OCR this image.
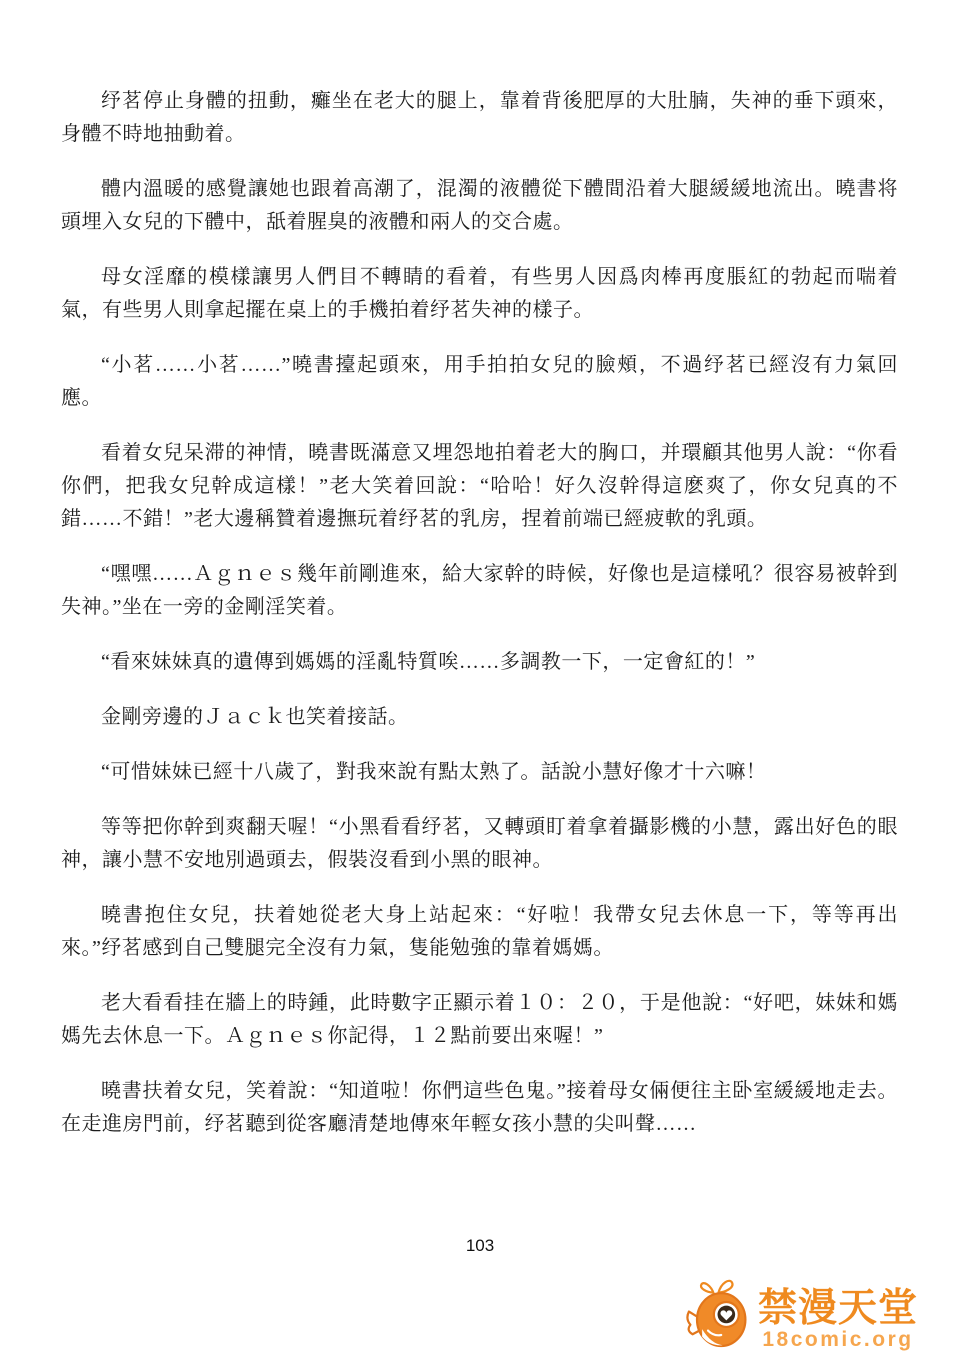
纾茗停止身體的扭動，癱坐在老大的腿上，靠着背後肥厚的大肚腩，失神的垂下頭來，身體不時地抽動着。

體内溫暖的感覺讓她也跟着高潮了，混濁的液體從下體間沿着大腿緩緩地流出。曉書将頭埋入女兒的下體中，舐着腥臭的液體和兩人的交合處。

母女淫靡的模樣讓男人們目不轉睛的看着，有些男人因爲肉棒再度脹紅的勃起而喘着氣，有些男人則拿起擺在桌上的手機拍着纾茗失神的樣子。

“小茗……小茗……”曉書擡起頭來，用手拍拍女兒的臉頰，不過纾茗已經沒有力氣回應。

看着女兒呆滞的神情，曉書既滿意又埋怨地拍着老大的胸口，并環顧其他男人說：“你看你們，把我女兒幹成這樣！”老大笑着回說：“哈哈！好久沒幹得這麽爽了，你女兒真的不錯……不錯！”老大邊稱贊着邊撫玩着纾茗的乳房，捏着前端已經疲軟的乳頭。

“嘿嘿……Ａｇｎｅｓ幾年前剛進來，給大家幹的時候，好像也是這樣吼？很容易被幹到失神。”坐在一旁的金剛淫笑着。

“看來妹妹真的遺傳到媽媽的淫亂特質唉……多調教一下，一定會紅的！”

金剛旁邊的Ｊａｃｋ也笑着接話。

“可惜妹妹已經十八歲了，對我來說有點太熟了。話說小慧好像才十六嘛！

等等把你幹到爽翻天喔！“小黑看看纾茗，又轉頭盯着拿着攝影機的小慧，露出好色的眼神，讓小慧不安地別過頭去，假裝沒看到小黑的眼神。

曉書抱住女兒，扶着她從老大身上站起來：“好啦！我帶女兒去休息一下，等等再出來。”纾茗感到自己雙腿完全沒有力氣，隻能勉強的靠着媽媽。

老大看看挂在牆上的時鍾，此時數字正顯示着１０：２０，于是他說：“好吧，妹妹和媽媽先去休息一下。Ａｇｎｅｓ你記得，１２點前要出來喔！”

曉書扶着女兒，笑着說：“知道啦！你們這些色鬼。”接着母女倆便往主卧室緩緩地走去。在走進房門前，纾茗聽到從客廳清楚地傳來年輕女孩小慧的尖叫聲……

103
禁漫天堂
18comic.org
